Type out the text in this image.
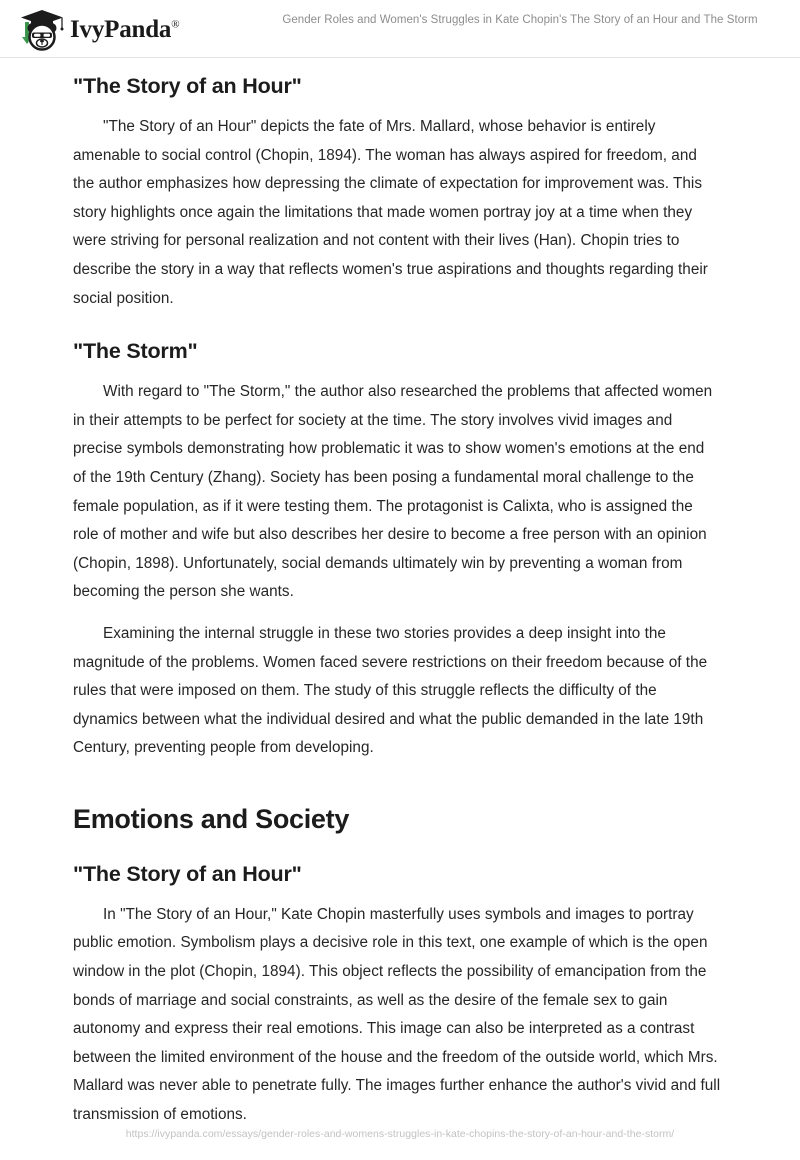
IvyPanda®	Gender Roles and Women's Struggles in Kate Chopin's The Story of an Hour and The Storm
"The Story of an Hour"

"The Story of an Hour" depicts the fate of Mrs. Mallard, whose behavior is entirely amenable to social control (Chopin, 1894). The woman has always aspired for freedom, and the author emphasizes how depressing the climate of expectation for improvement was. This story highlights once again the limitations that made women portray joy at a time when they were striving for personal realization and not content with their lives (Han). Chopin tries to describe the story in a way that reflects women's true aspirations and thoughts regarding their social position.

"The Storm"

With regard to "The Storm," the author also researched the problems that affected women in their attempts to be perfect for society at the time. The story involves vivid images and precise symbols demonstrating how problematic it was to show women's emotions at the end of the 19th Century (Zhang). Society has been posing a fundamental moral challenge to the female population, as if it were testing them. The protagonist is Calixta, who is assigned the role of mother and wife but also describes her desire to become a free person with an opinion (Chopin, 1898). Unfortunately, social demands ultimately win by preventing a woman from becoming the person she wants.

Examining the internal struggle in these two stories provides a deep insight into the magnitude of the problems. Women faced severe restrictions on their freedom because of the rules that were imposed on them. The study of this struggle reflects the difficulty of the dynamics between what the individual desired and what the public demanded in the late 19th Century, preventing people from developing.

Emotions and Society
"The Story of an Hour"

In "The Story of an Hour," Kate Chopin masterfully uses symbols and images to portray public emotion. Symbolism plays a decisive role in this text, one example of which is the open window in the plot (Chopin, 1894). This object reflects the possibility of emancipation from the bonds of marriage and social constraints, as well as the desire of the female sex to gain autonomy and express their real emotions. This image can also be interpreted as a contrast between the limited environment of the house and the freedom of the outside world, which Mrs. Mallard was never able to penetrate fully. The images further enhance the author's vivid and full transmission of emotions.

https://ivypanda.com/essays/gender-roles-and-womens-struggles-in-kate-chopins-the-story-of-an-hour-and-the-storm/
